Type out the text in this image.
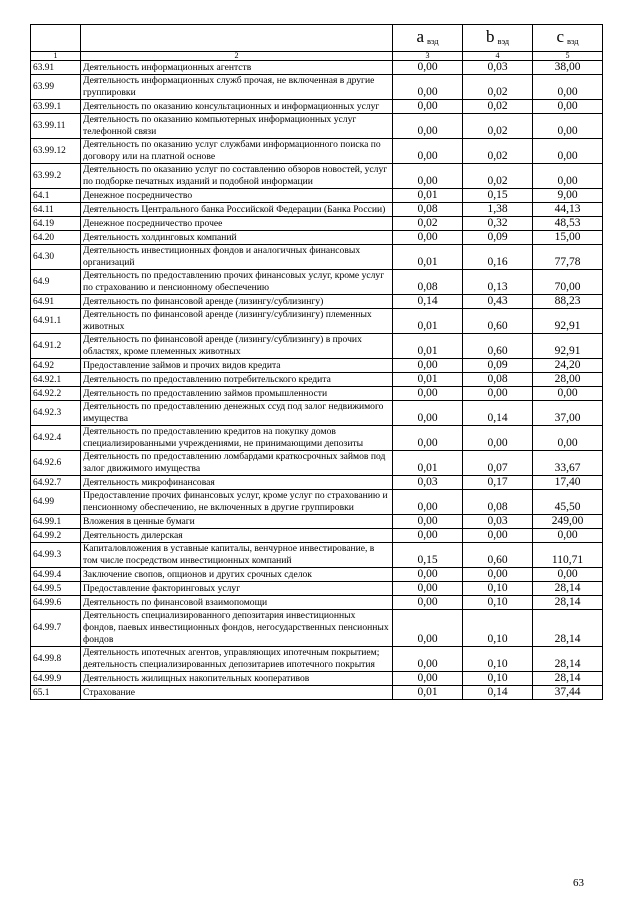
		a $_{вэд}$	b $_{вэд}$	c $_{вэд}$
1	2	3	4	5
63.91	Деятельность информационных агентств	0,00	0,03	38,00
63.99	Деятельность информационных служб прочая, не включенная в другие группировки	0,00	0,02	0,00
63.99.1	Деятельность по оказанию консультационных и информационных услуг	0,00	0,02	0,00
63.99.11	Деятельность по оказанию компьютерных информационных услуг телефонной связи	0,00	0,02	0,00
63.99.12	Деятельность по оказанию услуг службами информационного поиска по договору или на платной основе	0,00	0,02	0,00
63.99.2	Деятельность по оказанию услуг по составлению обзоров новостей, услуг по подборке печатных изданий и подобной информации	0,00	0,02	0,00
64.1	Денежное посредничество	0,01	0,15	9,00
64.11	Деятельность Центрального банка Российской Федерации (Банка России)	0,08	1,38	44,13
64.19	Денежное посредничество прочее	0,02	0,32	48,53
64.20	Деятельность холдинговых компаний	0,00	0,09	15,00
64.30	Деятельность инвестиционных фондов и аналогичных финансовых организаций	0,01	0,16	77,78
64.9	Деятельность по предоставлению прочих финансовых услуг, кроме услуг по страхованию и пенсионному обеспечению	0,08	0,13	70,00
64.91	Деятельность по финансовой аренде (лизингу/сублизингу)	0,14	0,43	88,23
64.91.1	Деятельность по финансовой аренде (лизингу/сублизингу) племенных животных	0,01	0,60	92,91
64.91.2	Деятельность по финансовой аренде (лизингу/сублизингу) в прочих областях, кроме племенных животных	0,01	0,60	92,91
64.92	Предоставление займов и прочих видов кредита	0,00	0,09	24,20
64.92.1	Деятельность по предоставлению потребительского кредита	0,01	0,08	28,00
64.92.2	Деятельность по предоставлению займов промышленности	0,00	0,00	0,00
64.92.3	Деятельность по предоставлению денежных ссуд под залог недвижимого имущества	0,00	0,14	37,00
64.92.4	Деятельность по предоставлению кредитов на покупку домов специализированными учреждениями, не принимающими депозиты	0,00	0,00	0,00
64.92.6	Деятельность по предоставлению ломбардами краткосрочных займов под залог движимого имущества	0,01	0,07	33,67
64.92.7	Деятельность микрофинансовая	0,03	0,17	17,40
64.99	Предоставление прочих финансовых услуг, кроме услуг по страхованию и пенсионному обеспечению, не включенных в другие группировки	0,00	0,08	45,50
64.99.1	Вложения в ценные бумаги	0,00	0,03	249,00
64.99.2	Деятельность дилерская	0,00	0,00	0,00
64.99.3	Капиталовложения в уставные капиталы, венчурное инвестирование, в том числе посредством инвестиционных компаний	0,15	0,60	110,71
64.99.4	Заключение свопов, опционов и других срочных сделок	0,00	0,00	0,00
64.99.5	Предоставление факторинговых услуг	0,00	0,10	28,14
64.99.6	Деятельность по финансовой взаимопомощи	0,00	0,10	28,14
64.99.7	Деятельность специализированного депозитария инвестиционных фондов, паевых инвестиционных фондов, негосударственных пенсионных фондов	0,00	0,10	28,14
64.99.8	Деятельность ипотечных агентов, управляющих ипотечным покрытием; деятельность специализированных депозитариев ипотечного покрытия	0,00	0,10	28,14
64.99.9	Деятельность жилищных накопительных кооперативов	0,00	0,10	28,14
65.1	Страхование	0,01	0,14	37,44
63
